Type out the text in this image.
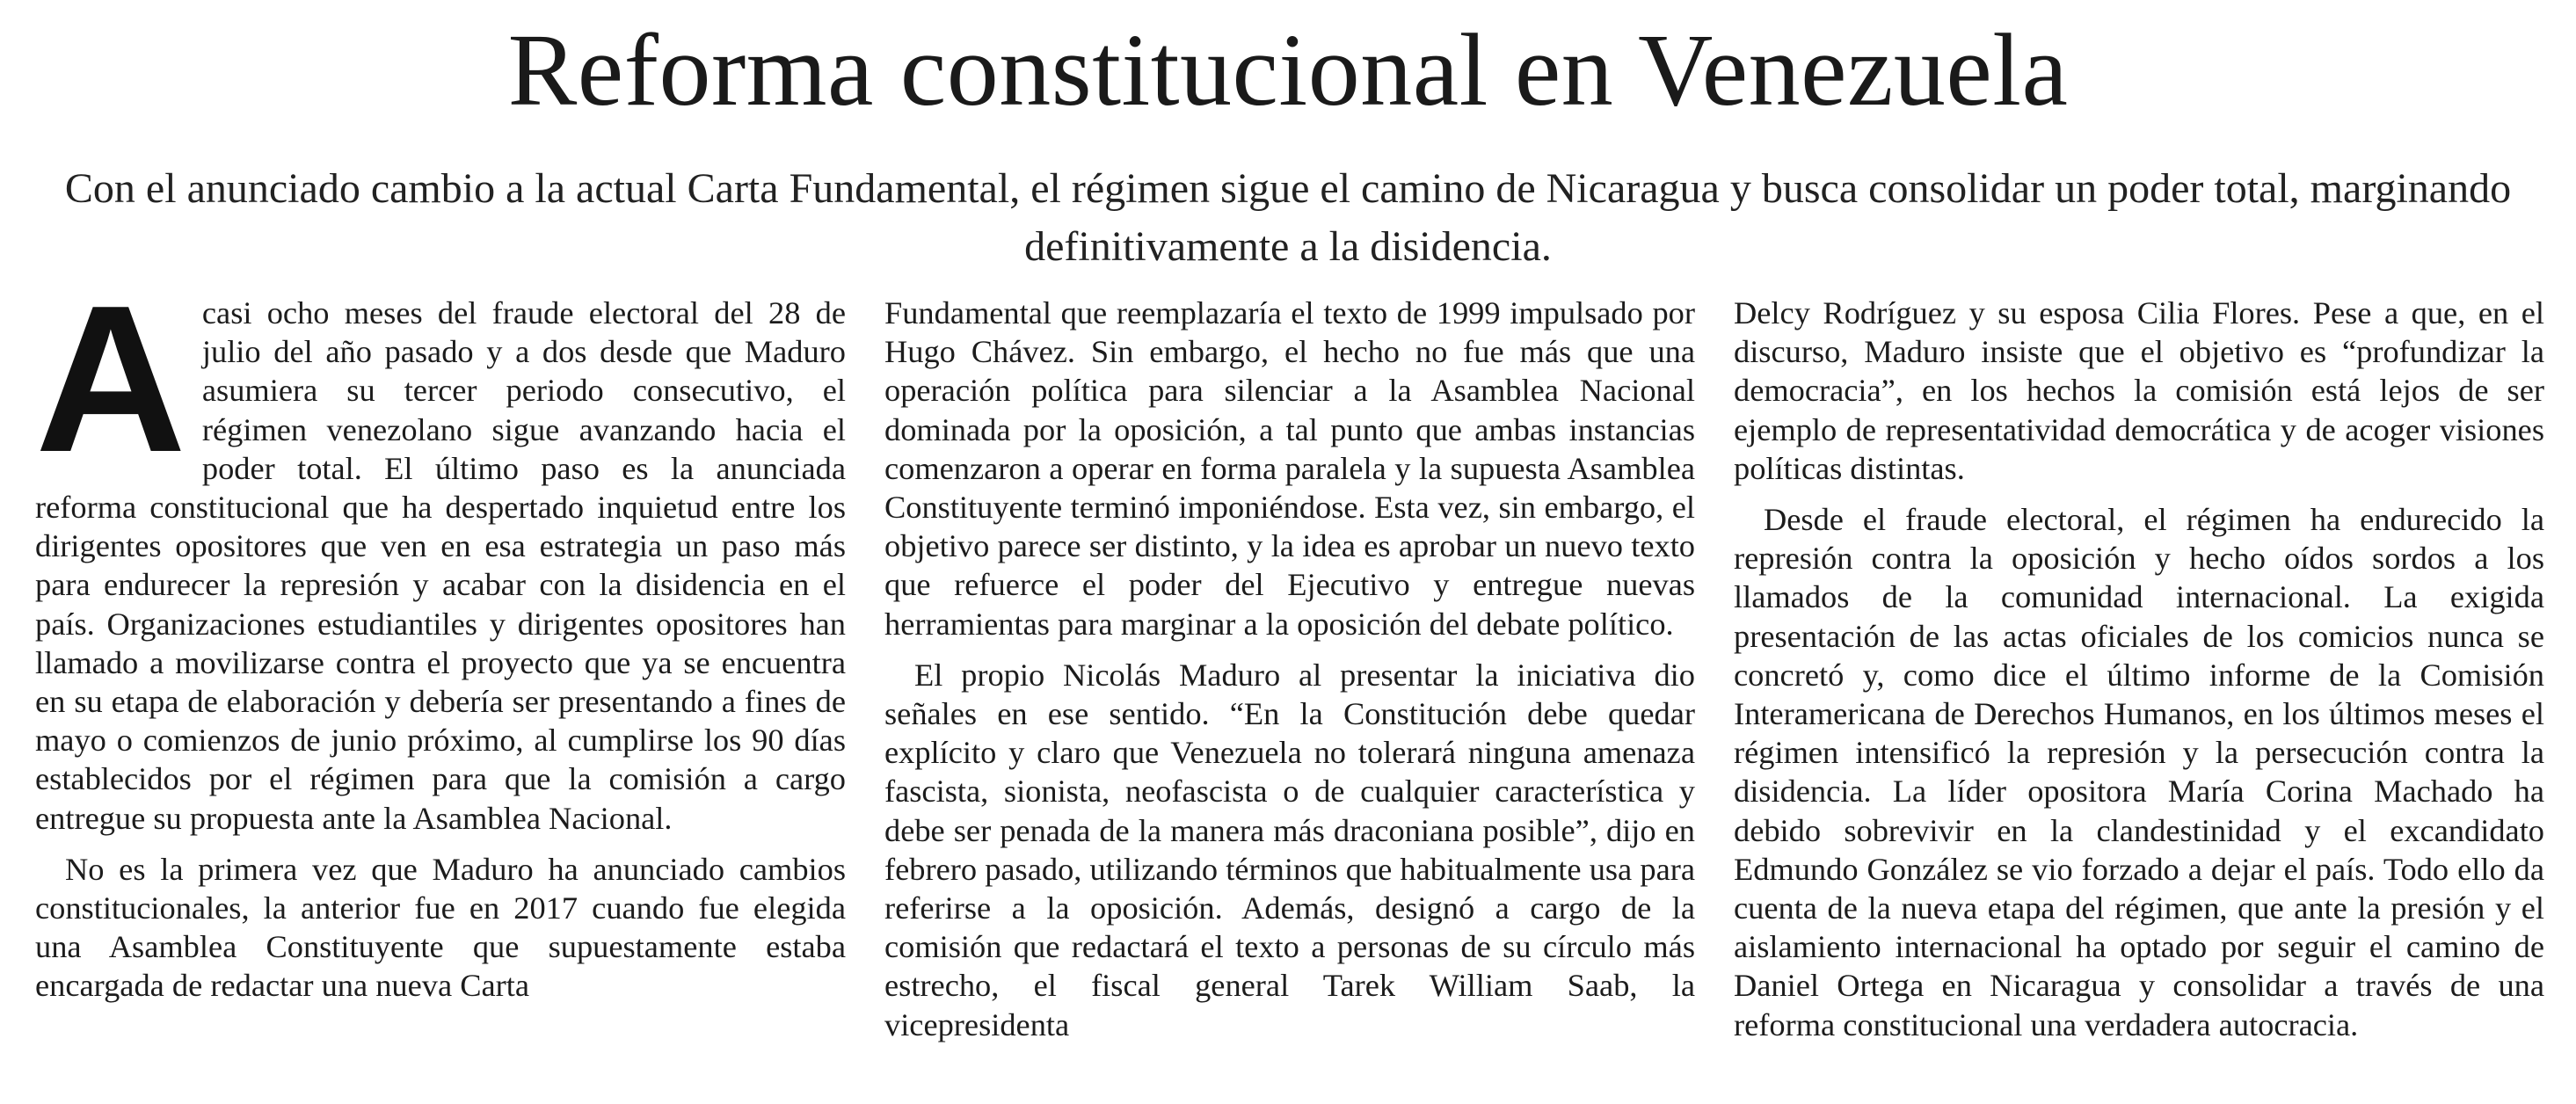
Reforma constitucional en Venezuela
Con el anunciado cambio a la actual Carta Fundamental, el régimen sigue el camino de Nicaragua y busca consolidar un poder total, marginando definitivamente a la disidencia.

Acasi ocho meses del fraude electoral del 28 de julio del año pasado y a dos desde que Maduro asumiera su tercer periodo consecutivo, el régimen venezolano sigue avanzando hacia el poder total. El último paso es la anunciada reforma constitucional que ha despertado inquietud entre los dirigentes opositores que ven en esa estrategia un paso más para endurecer la represión y acabar con la disidencia en el país. Organizaciones estudiantiles y dirigentes opositores han llamado a movilizarse contra el proyecto que ya se encuentra en su etapa de elaboración y debería ser presentando a fines de mayo o comienzos de junio próximo, al cumplirse los 90 días establecidos por el régimen para que la comisión a cargo entregue su propuesta ante la Asamblea Nacional.

No es la primera vez que Maduro ha anunciado cambios constitucionales, la anterior fue en 2017 cuando fue elegida una Asamblea Constituyente que supuestamente estaba encargada de redactar una nueva Carta

Fundamental que reemplazaría el texto de 1999 impulsado por Hugo Chávez. Sin embargo, el hecho no fue más que una operación política para silenciar a la Asamblea Nacional dominada por la oposición, a tal punto que ambas instancias comenzaron a operar en forma paralela y la supuesta Asamblea Constituyente terminó imponiéndose. Esta vez, sin embargo, el objetivo parece ser distinto, y la idea es aprobar un nuevo texto que refuerce el poder del Ejecutivo y entregue nuevas herramientas para marginar a la oposición del debate político.

El propio Nicolás Maduro al presentar la iniciativa dio señales en ese sentido. “En la Constitución debe quedar explícito y claro que Venezuela no tolerará ninguna amenaza fascista, sionista, neofascista o de cualquier característica y debe ser penada de la manera más draconiana posible”, dijo en febrero pasado, utilizando términos que habitualmente usa para referirse a la oposición. Además, designó a cargo de la comisión que redactará el texto a personas de su círculo más estrecho, el fiscal general Tarek William Saab, la vicepresidenta

Delcy Rodríguez y su esposa Cilia Flores. Pese a que, en el discurso, Maduro insiste que el objetivo es “profundizar la democracia”, en los hechos la comisión está lejos de ser ejemplo de representatividad democrática y de acoger visiones políticas distintas.

Desde el fraude electoral, el régimen ha endurecido la represión contra la oposición y hecho oídos sordos a los llamados de la comunidad internacional. La exigida presentación de las actas oficiales de los comicios nunca se concretó y, como dice el último informe de la Comisión Interamericana de Derechos Humanos, en los últimos meses el régimen intensificó la represión y la persecución contra la disidencia. La líder opositora María Corina Machado ha debido sobrevivir en la clandestinidad y el excandidato Edmundo González se vio forzado a dejar el país. Todo ello da cuenta de la nueva etapa del régimen, que ante la presión y el aislamiento internacional ha optado por seguir el camino de Daniel Ortega en Nicaragua y consolidar a través de una reforma constitucional una verdadera autocracia.
